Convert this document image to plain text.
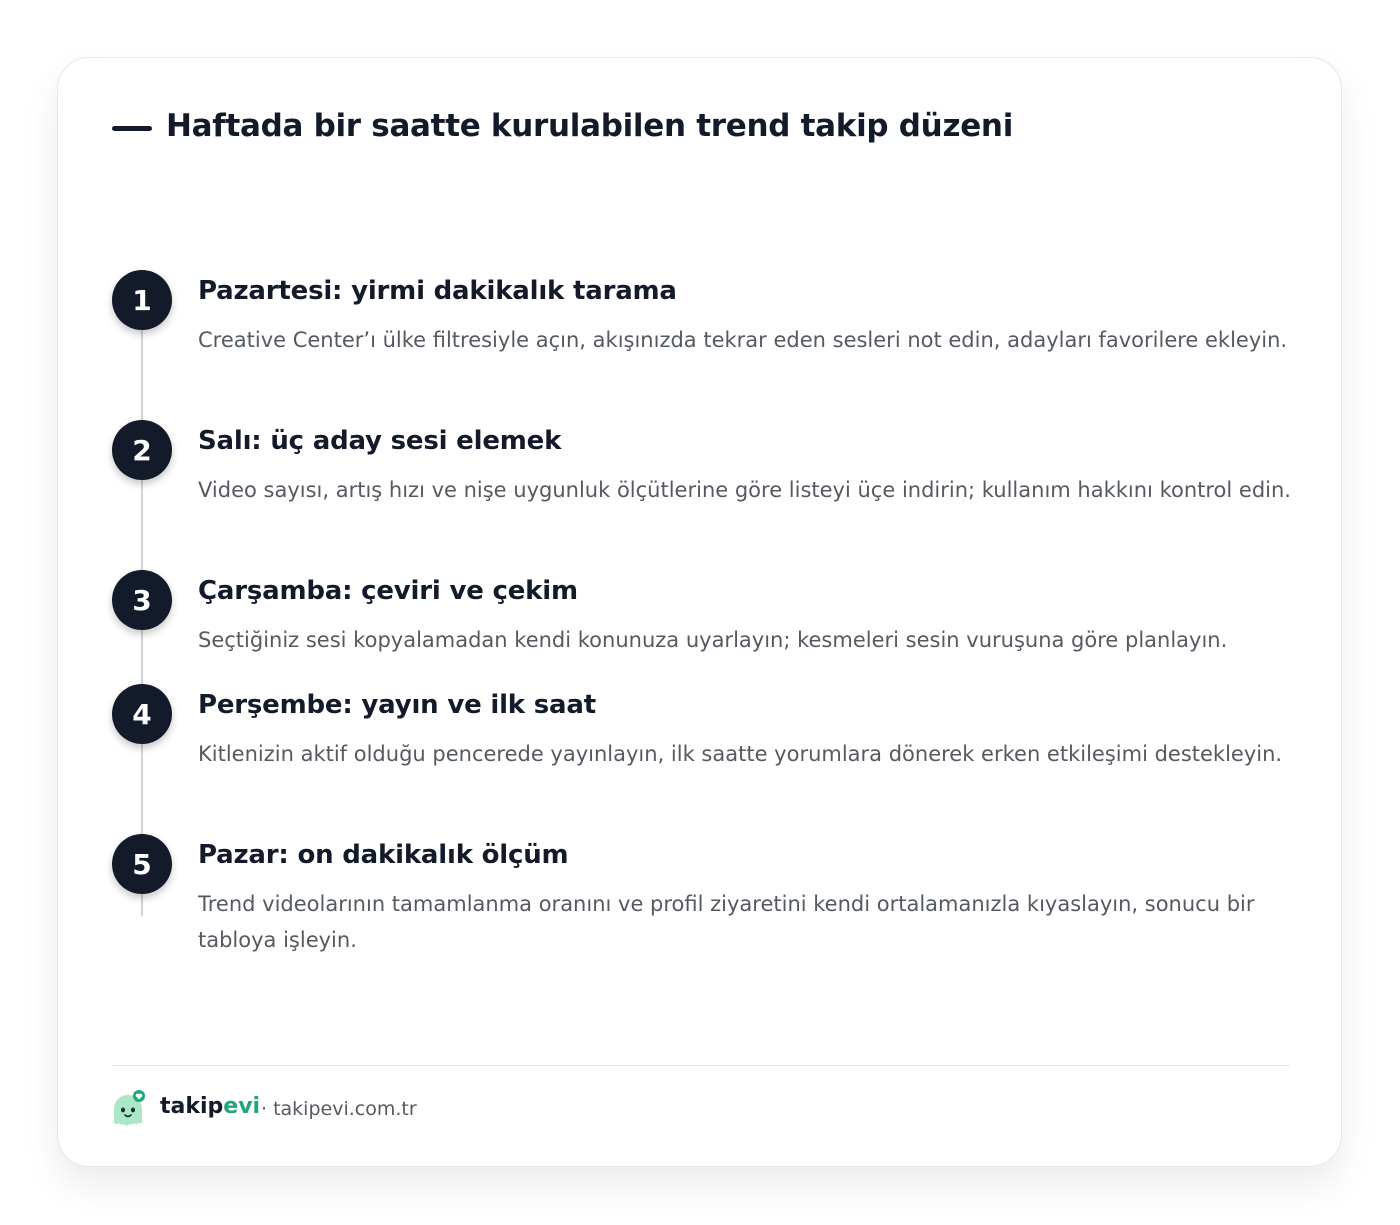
Haftada bir saatte kurulabilen trend takip düzeni
1	Pazartesi: yirmi dakikalık tarama

Creative Center’ı ülke filtresiyle açın, akışınızda tekrar eden sesleri not edin, adayları favorilere ekleyin.

2	Salı: üç aday sesi elemek

Video sayısı, artış hızı ve nişe uygunluk ölçütlerine göre listeyi üçe indirin; kullanım hakkını kontrol edin.

3	Çarşamba: çeviri ve çekim

Seçtiğiniz sesi kopyalamadan kendi konunuza uyarlayın; kesmeleri sesin vuruşuna göre planlayın.

4	Perşembe: yayın ve ilk saat

Kitlenizin aktif olduğu pencerede yayınlayın, ilk saatte yorumlara dönerek erken etkileşimi destekleyin.

5	Pazar: on dakikalık ölçüm

Trend videolarının tamamlanma oranını ve profil ziyaretini kendi ortalamanızla kıyaslayın, sonucu bir tabloya işleyin.

takipevi · takipevi.com.tr
